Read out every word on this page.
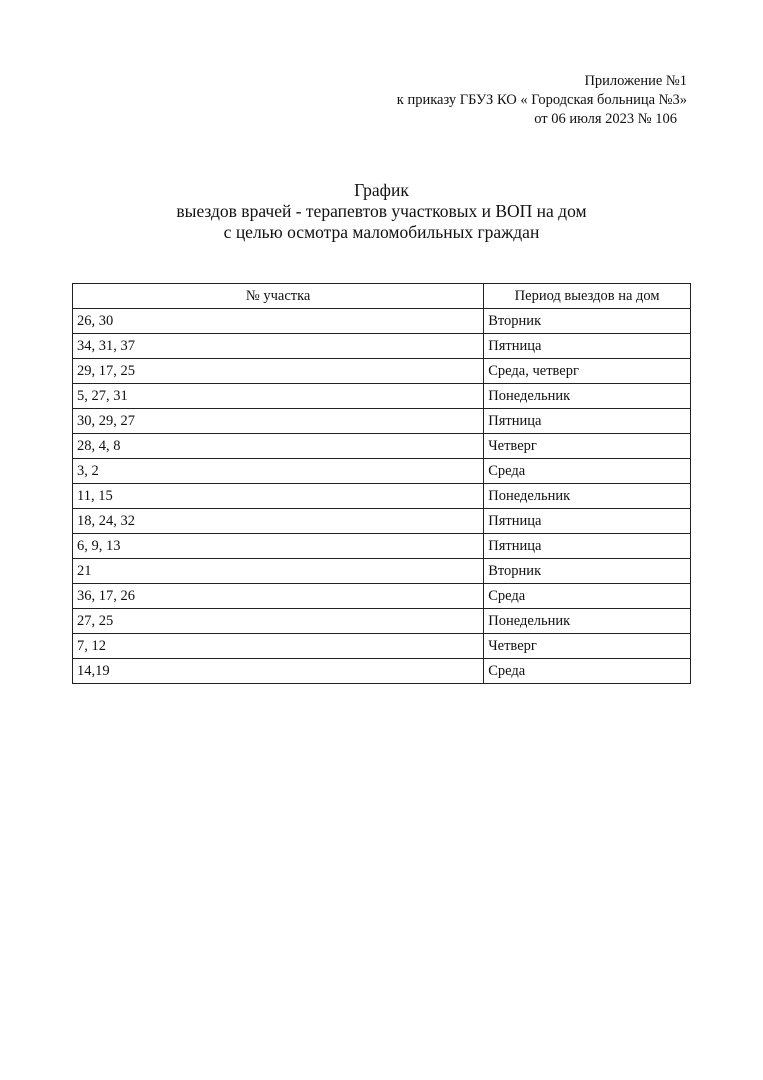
Приложение №1
к приказу ГБУЗ КО « Городская больница №3»
от 06 июля 2023 № 106
График
выездов врачей - терапевтов участковых и ВОП на дом
с целью осмотра маломобильных граждан
№ участка	Период выездов на дом
26, 30	Вторник
34, 31, 37	Пятница
29, 17, 25	Среда, четверг
5, 27, 31	Понедельник
30, 29, 27	Пятница
28, 4, 8	Четверг
3, 2	Среда
11, 15	Понедельник
18, 24, 32	Пятница
6, 9, 13	Пятница
21	Вторник
36, 17, 26	Среда
27, 25	Понедельник
7, 12	Четверг
14,19	Среда
